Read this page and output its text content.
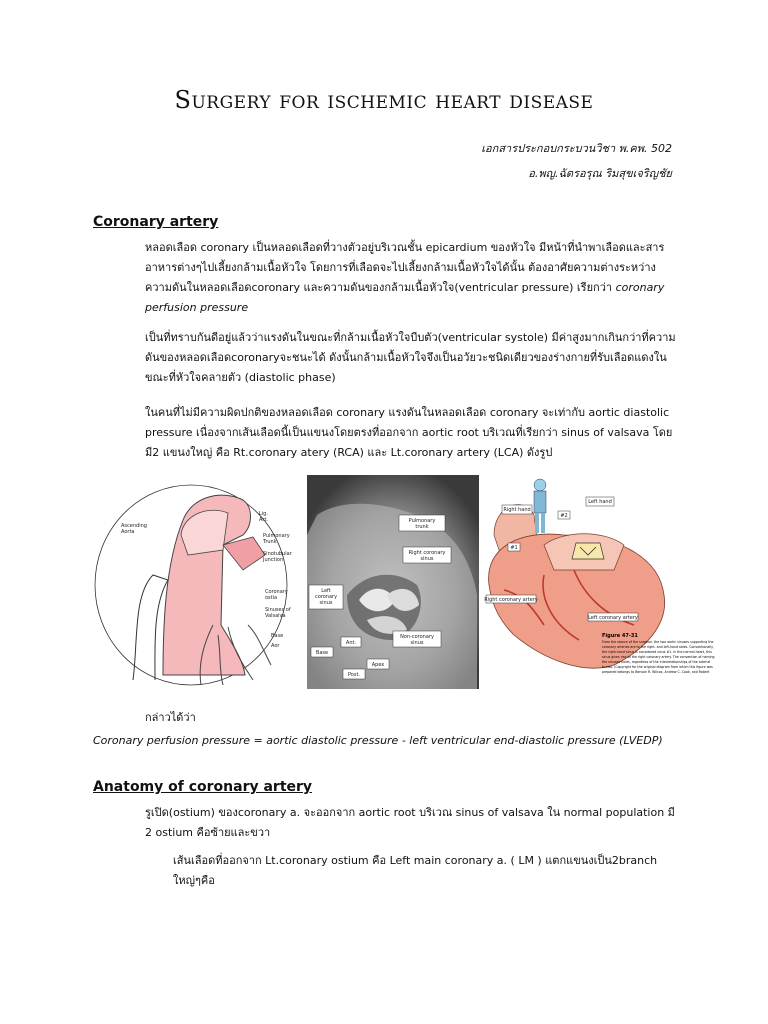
Surgery for ischemic heart disease
เอกสารประกอบกระบวนวิชา พ.คพ. 502
อ.พญ.ฉัตรอรุณ ริมสุขเจริญชัย
Coronary artery
หลอดเลือด coronary เป็นหลอดเลือดที่วางตัวอยู่บริเวณชั้น epicardium ของหัวใจ มีหน้าที่นำพาเลือดและสารอาหารต่างๆไปเลี้ยงกล้ามเนื้อหัวใจ โดยการที่เลือดจะไปเลี้ยงกล้ามเนื้อหัวใจได้นั้น ต้องอาศัยความต่างระหว่างความดันในหลอดเลือดcoronary และความดันของกล้ามเนื้อหัวใจ(ventricular pressure) เรียกว่า coronary perfusion pressure
เป็นที่ทราบกันดีอยู่แล้วว่าแรงดันในขณะที่กล้ามเนื้อหัวใจบีบตัว(ventricular systole) มีค่าสูงมากเกินกว่าที่ความดันของหลอดเลือดcoronaryจะชนะได้ ดังนั้นกล้ามเนื้อหัวใจจึงเป็นอวัยวะชนิดเดียวของร่างกายที่รับเลือดแดงในขณะที่หัวใจคลายตัว (diastolic phase)
ในคนที่ไม่มีความผิดปกติของหลอดเลือด coronary แรงดันในหลอดเลือด coronary จะเท่ากับ aortic diastolic pressure เนื่องจากเส้นเลือดนี้เป็นแขนงโดยตรงที่ออกจาก aortic root บริเวณที่เรียกว่า sinus of valsava โดยมี2 แขนงใหญ่ คือ Rt.coronary atery (RCA) และ Lt.coronary artery (LCA) ดังรูป
Ascending
Aorta
Lig.
Art.
Pulmonary
Trunk
Sinotubular
Junction
Coronary
ostia
Sinuses of
Valsalva
Base
Aor
Pulmonary
trunk
Right coronary
sinus
Left
coronary
sinus
Non-coronary
sinus
Ant.
Base
Apex
Post.
Left hand
Right hand
#2
#1
Right coronary artery
Left coronary artery
Figure 47-31
From the stance of the surgeon, the two aortic sinuses supporting the
coronary arteries are to the right- and left-hand sides. Conventionally,
the right-hand sinus is considered sinus #1. In the normal heart, this
sinus gives rise to the right coronary artery. The convention of naming
the sinuses holds, regardless of the interrelationships of the arterial
trunks. (Copyright for the original diagram from which this figure was
prepared belongs to Benson R. Wilcox, Andrew C. Cook, and Robert
กล่าวได้ว่า
Coronary perfusion pressure = aortic diastolic pressure - left ventricular end-diastolic pressure (LVEDP)
Anatomy of coronary artery
รูเปิด(ostium) ของcoronary a. จะออกจาก aortic root บริเวณ sinus of valsava ใน normal population มี 2 ostium คือซ้ายและขวา
เส้นเลือดที่ออกจาก Lt.coronary ostium คือ Left main coronary a. ( LM ) แตกแขนงเป็น2branch ใหญ่ๆคือ
